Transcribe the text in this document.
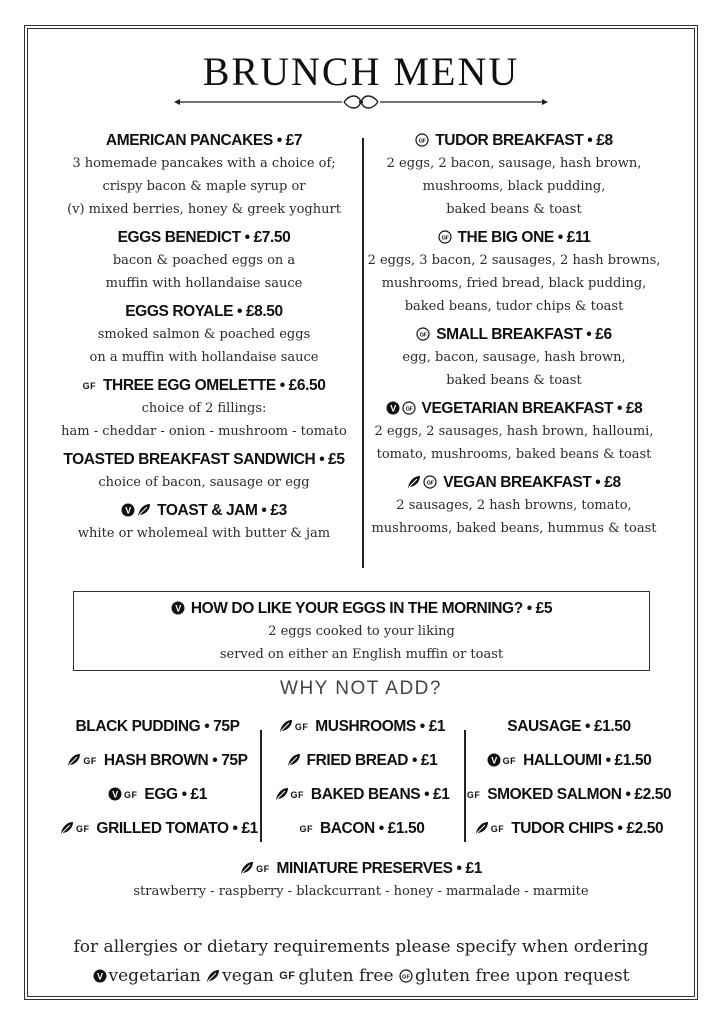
BRUNCH MENU
AMERICAN PANCAKES • £7
3 homemade pancakes with a choice of;
crispy bacon & maple syrup or
(v) mixed berries, honey & greek yoghurt
EGGS BENEDICT • £7.50
bacon & poached eggs on a
muffin with hollandaise sauce
EGGS ROYALE • £8.50
smoked salmon & poached eggs
on a muffin with hollandaise sauce
GF THREE EGG OMELETTE • £6.50
choice of 2 fillings:
ham - cheddar - onion - mushroom - tomato
TOASTED BREAKFAST SANDWICH • £5
choice of bacon, sausage or egg
V TOAST & JAM • £3
white or wholemeal with butter & jam
GF TUDOR BREAKFAST • £8
2 eggs, 2 bacon, sausage, hash brown,
mushrooms, black pudding,
baked beans & toast
GF THE BIG ONE • £11
2 eggs, 3 bacon, 2 sausages, 2 hash browns,
mushrooms, fried bread, black pudding,
baked beans, tudor chips & toast
GF SMALL BREAKFAST • £6
egg, bacon, sausage, hash brown,
baked beans & toast
V GF VEGETARIAN BREAKFAST • £8
2 eggs, 2 sausages, hash brown, halloumi,
tomato, mushrooms, baked beans & toast
GF VEGAN BREAKFAST • £8
2 sausages, 2 hash browns, tomato,
mushrooms, baked beans, hummus & toast
V HOW DO LIKE YOUR EGGS IN THE MORNING? • £5
2 eggs cooked to your liking
served on either an English muffin or toast
WHY NOT ADD?
BLACK PUDDING • 75P
GF HASH BROWN • 75P
V GF EGG • £1
GF GRILLED TOMATO • £1
GF MUSHROOMS • £1
FRIED BREAD • £1
GF BAKED BEANS • £1
GF BACON • £1.50
SAUSAGE • £1.50
V GF HALLOUMI • £1.50
GF SMOKED SALMON • £2.50
GF TUDOR CHIPS • £2.50
GF MINIATURE PRESERVES • £1
strawberry - raspberry - blackcurrant - honey - marmalade - marmite
for allergies or dietary requirements please specify when ordering
V vegetarian vegan GF gluten free GF gluten free upon request
